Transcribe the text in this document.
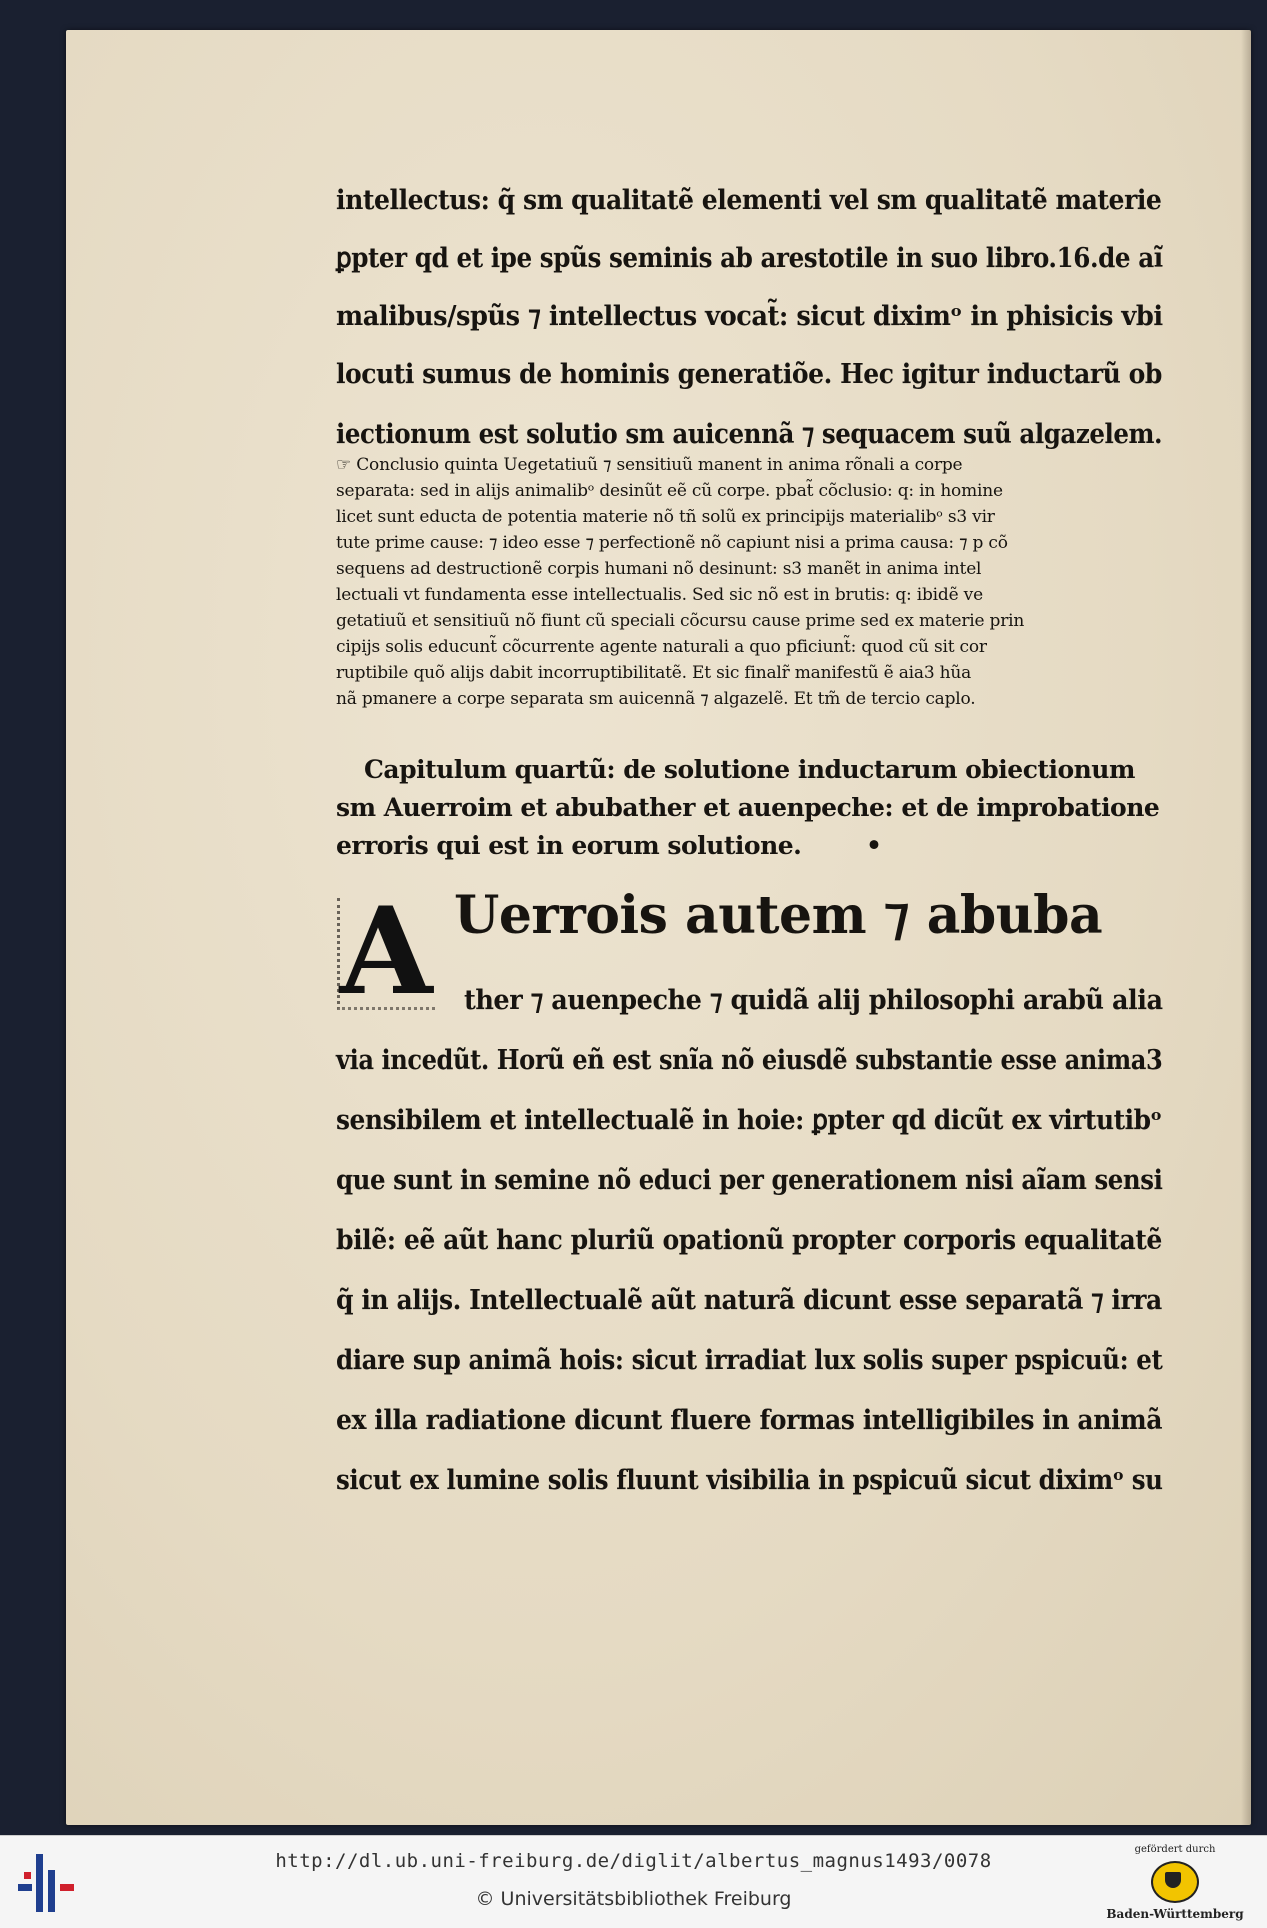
intellectus: q̃ sm qualitatẽ elementi vel sm qualitatẽ materie
ꝑpter qd et ipe spũs seminis ab arestotile in suo libro.16.de aĩ
malibus/spũs ⁊ intellectus vocat̃: sicut diximᵒ in phisicis vbi
locuti sumus de hominis generatiõe. Hec igitur inductarũ ob
iectionum est solutio sm auicennã ⁊ sequacem suũ algazelem.
☞ Conclusio quinta Uegetatiuũ ⁊ sensitiuũ manent in anima rõnali a corpe
separata: sed in alijs animalibᵒ desinũt eẽ cũ corpe. pbat̃ cõclusio: q: in homine
licet sunt educta de potentia materie nõ tñ solũ ex principijs materialibᵒ s3 vir
tute prime cause: ⁊ ideo esse ⁊ perfectionẽ nõ capiunt nisi a prima causa: ⁊ p cõ
sequens ad destructionẽ corpis humani nõ desinunt: s3 manẽt in anima intel
lectuali vt fundamenta esse intellectualis. Sed sic nõ est in brutis: q: ibidẽ ve
getatiuũ et sensitiuũ nõ fiunt cũ speciali cõcursu cause prime sed ex materie prin
cipijs solis educunt̃ cõcurrente agente naturali a quo pficiunt̃: quod cũ sit cor
ruptibile quõ alijs dabit incorruptibilitatẽ. Et sic finalr̃ manifestũ ẽ aia3 hũa
nã pmanere a corpe separata sm auicennã ⁊ algazelẽ. Et tm̃ de tercio caplo.
Capitulum quartũ: de solutione inductarum obiectionum
sm Auerroim et abubather et auenpeche: et de improbatione
erroris qui est in eorum solutione.	•
A Uerrois autem ⁊ abuba
ther ⁊ auenpeche ⁊ quidã alij philosophi arabũ alia
via incedũt. Horũ eñ est snĩa nõ eiusdẽ substantie esse anima3
sensibilem et intellectualẽ in hoie: ꝑpter qd dicũt ex virtutibᵒ
que sunt in semine nõ educi per generationem nisi aĩam sensi
bilẽ: eẽ aũt hanc pluriũ opationũ propter corporis equalitatẽ
q̃ in alijs. Intellectualẽ aũt naturã dicunt esse separatã ⁊ irra
diare sup animã hois: sicut irradiat lux solis super pspicuũ: et
ex illa radiatione dicunt fluere formas intelligibiles in animã
sicut ex lumine solis fluunt visibilia in pspicuũ sicut diximᵒ su
http://dl.ub.uni-freiburg.de/diglit/albertus_magnus1493/0078
© Universitätsbibliothek Freiburg
gefördert durch
Baden-Württemberg
